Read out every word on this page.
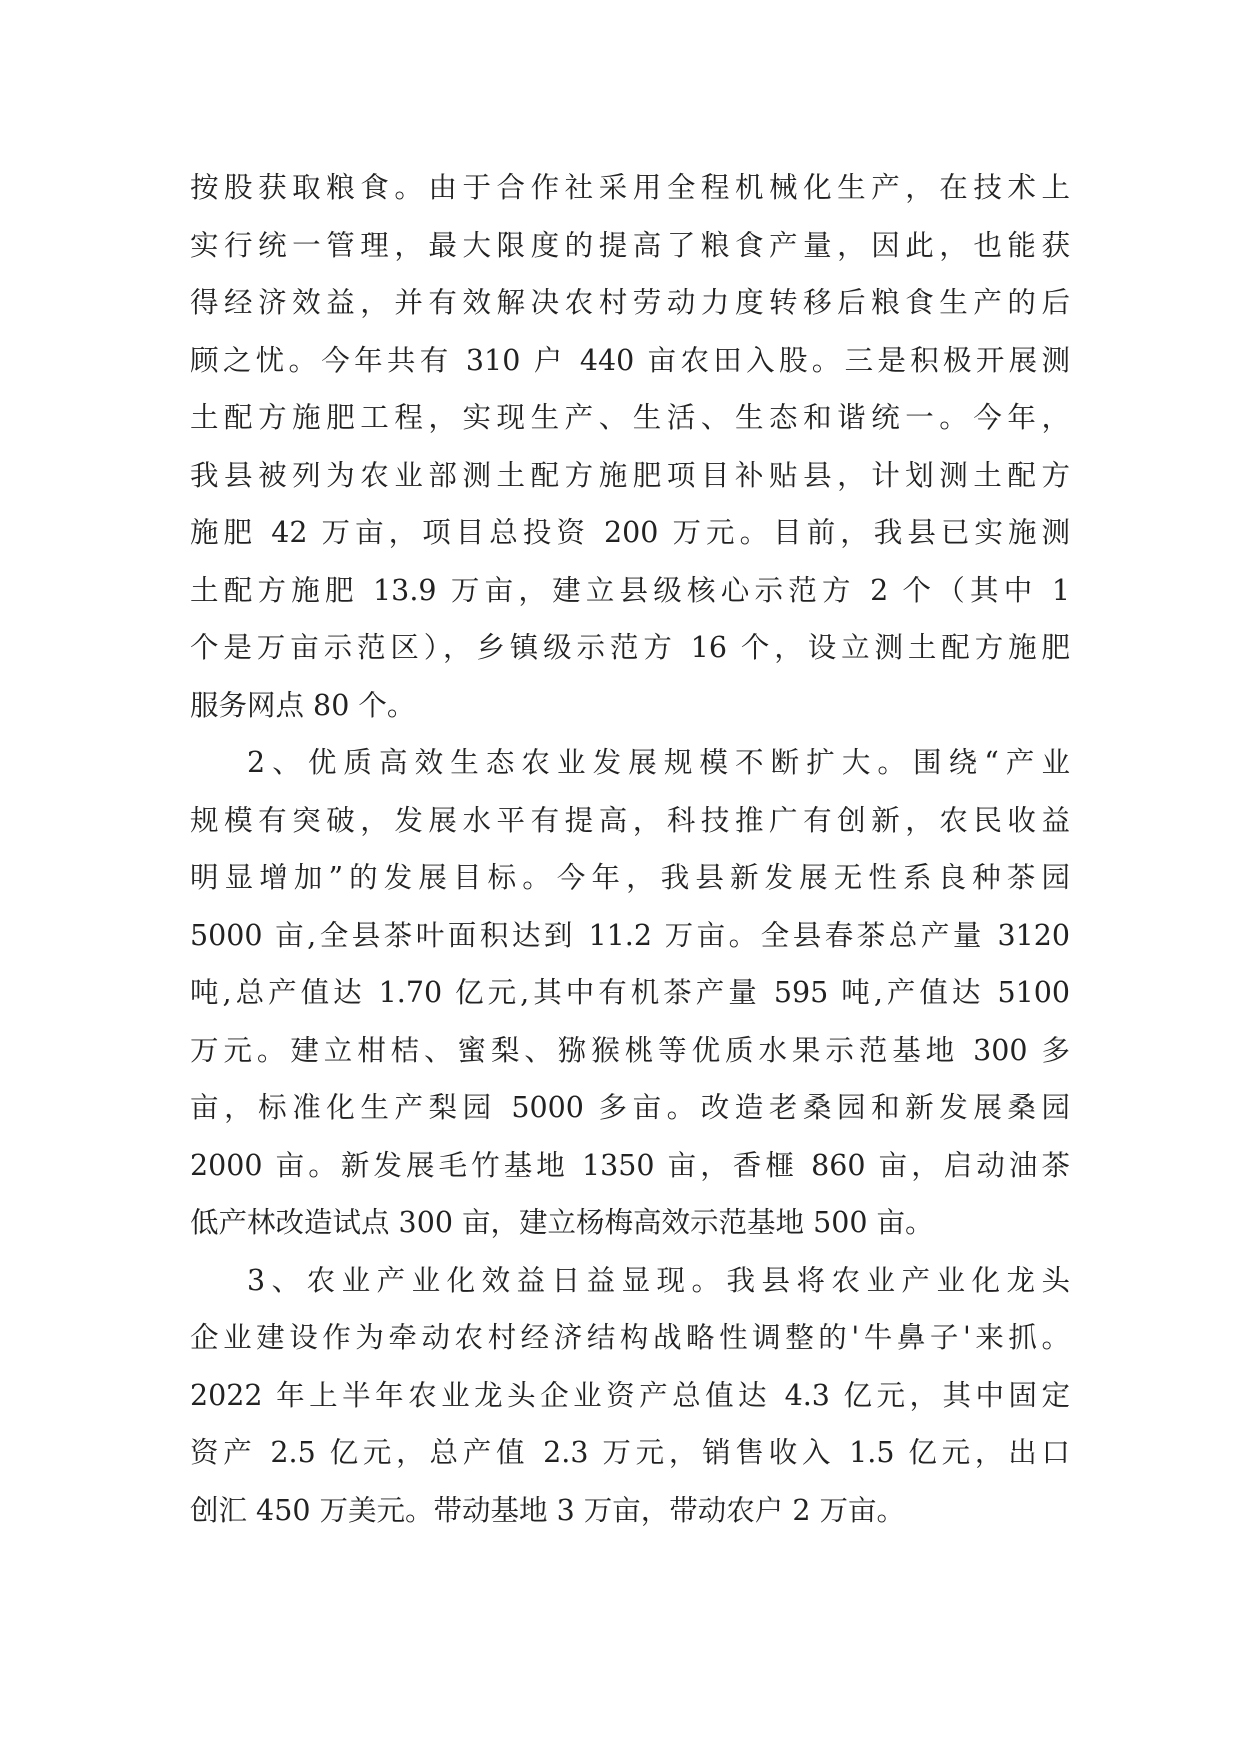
按股获取粮食。由于合作社采用全程机械化生产，在技术上
实行统一管理，最大限度的提高了粮食产量，因此，也能获
得经济效益，并有效解决农村劳动力度转移后粮食生产的后
顾之忧。今年共有 310 户 440 亩农田入股。三是积极开展测
土配方施肥工程，实现生产、生活、生态和谐统一。今年，
我县被列为农业部测土配方施肥项目补贴县，计划测土配方
施肥 42 万亩，项目总投资 200 万元。目前，我县已实施测
土配方施肥 13.9 万亩，建立县级核心示范方 2 个（其中 1
个是万亩示范区），乡镇级示范方 16 个，设立测土配方施肥
服务网点 80 个。
2、优质高效生态农业发展规模不断扩大。围绕“产业
规模有突破，发展水平有提高，科技推广有创新，农民收益
明显增加”的发展目标。今年，我县新发展无性系良种茶园
5000 亩,全县茶叶面积达到 11.2 万亩。全县春茶总产量 3120
吨,总产值达 1.70 亿元,其中有机茶产量 595 吨,产值达 5100
万元。建立柑桔、蜜梨、猕猴桃等优质水果示范基地 300 多
亩，标准化生产梨园 5000 多亩。改造老桑园和新发展桑园
2000 亩。新发展毛竹基地 1350 亩，香榧 860 亩，启动油茶
低产林改造试点 300 亩，建立杨梅高效示范基地 500 亩。
3、农业产业化效益日益显现。我县将农业产业化龙头
企业建设作为牵动农村经济结构战略性调整的'牛鼻子'来抓。
2022 年上半年农业龙头企业资产总值达 4.3 亿元，其中固定
资产 2.5 亿元，总产值 2.3 万元，销售收入 1.5 亿元，出口
创汇 450 万美元。带动基地 3 万亩，带动农户 2 万亩。
